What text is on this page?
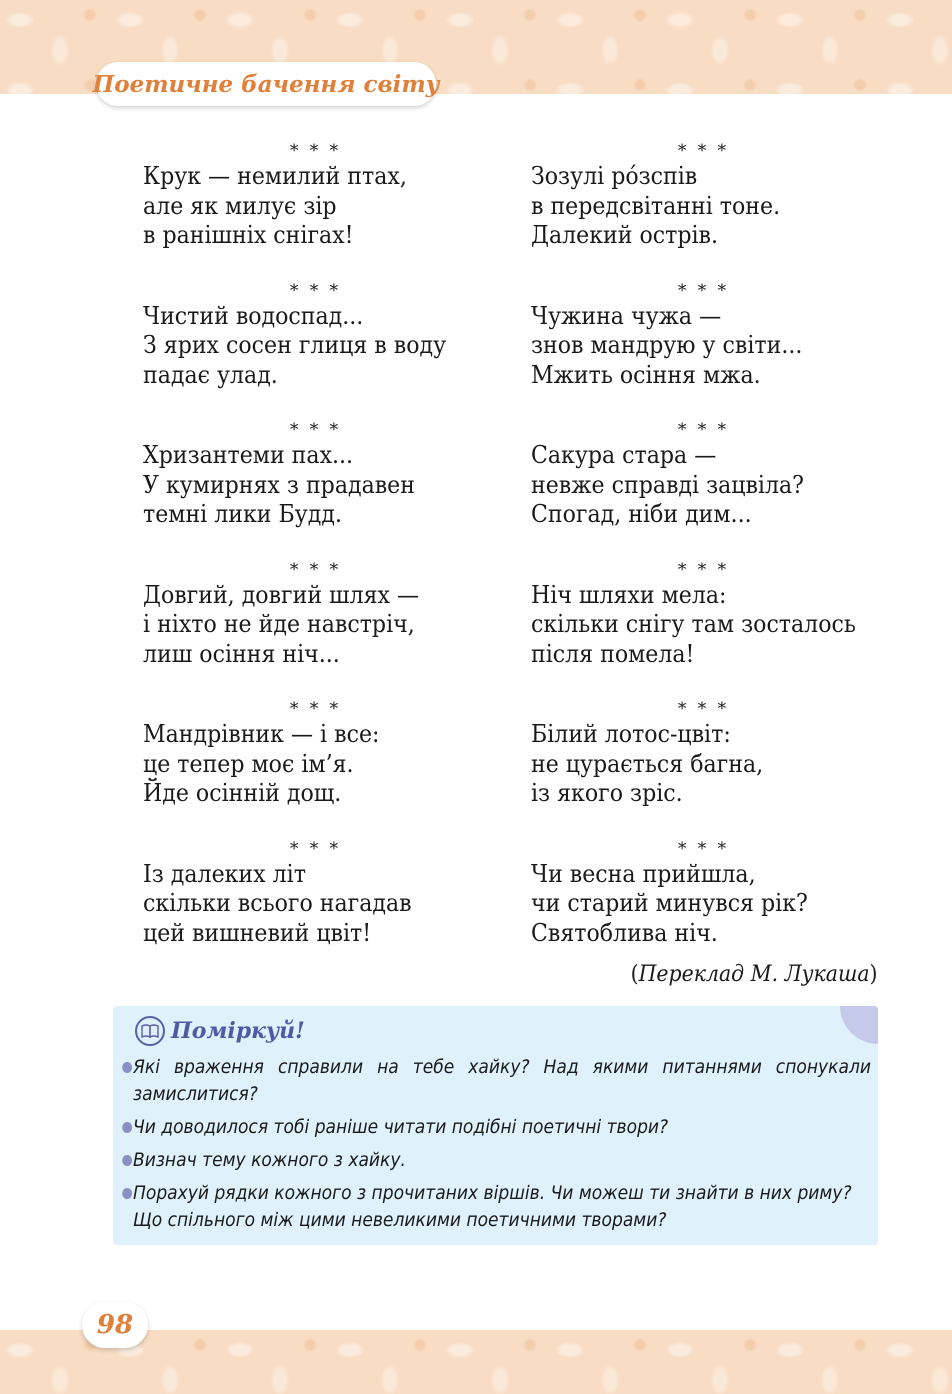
Поетичне бачення світу
* * *
Крук — немилий птах,
але як милує зір
в ранішніх снігах!
* * *
Чистий водоспад...
З ярих сосен глиця в воду
падає улад.
* * *
Хризантеми пах...
У кумирнях з прадавен
темні лики Будд.
* * *
Довгий, довгий шлях —
і ніхто не йде навстріч,
лиш осіння ніч...
* * *
Мандрівник — і все:
це тепер моє ім’я.
Йде осінній дощ.
* * *
Із далеких літ
скільки всього нагадав
цей вишневий цвіт!
* * *
Зозулі ро́зспів
в передсвітанні тоне.
Далекий острів.
* * *
Чужина чужа —
знов мандрую у світи...
Мжить осіння мжа.
* * *
Сакура стара —
невже справді зацвіла?
Спогад, ніби дим...
* * *
Ніч шляхи мела:
скільки снігу там зосталось
після помела!
* * *
Білий лотос-цвіт:
не цурається багна,
із якого зріс.
* * *
Чи весна прийшла,
чи старий минувся рік?
Святоблива ніч.
(Переклад М. Лукаша)
Поміркуй!
Які враження справили на тебе хайку? Над якими питаннями спонукали замислитися?
Чи доводилося тобі раніше читати подібні поетичні твори?
Визнач тему кожного з хайку.
Порахуй рядки кожного з прочитаних віршів. Чи можеш ти знайти в них риму? Що спільного між цими невеликими поетичними творами?
98
